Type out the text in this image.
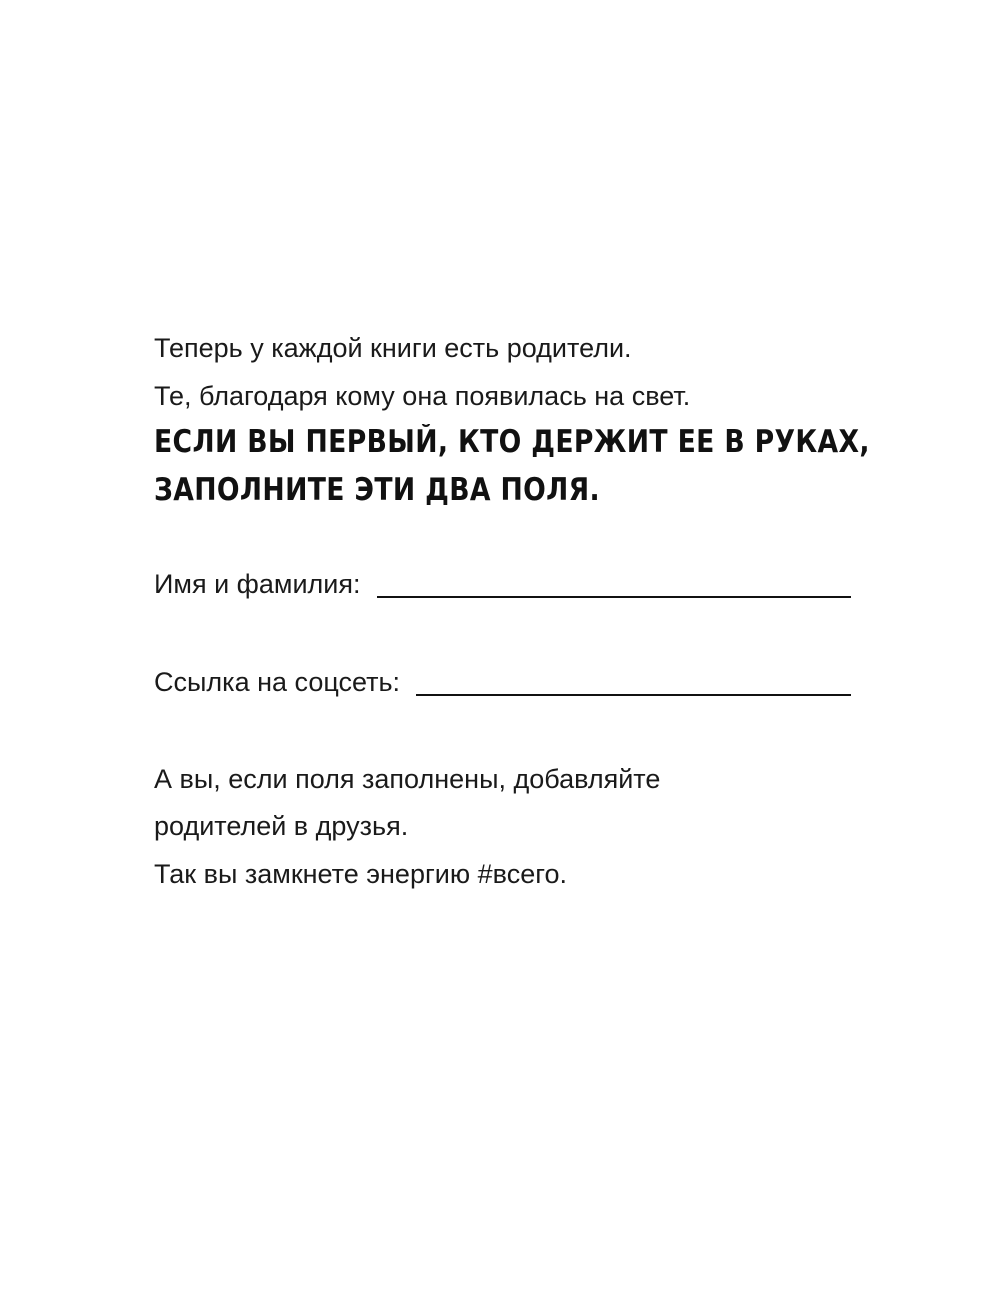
Теперь у каждой книги есть родители.
Те, благодаря кому она появилась на свет.
ЕСЛИ ВЫ ПЕРВЫЙ, КТО ДЕРЖИТ ЕЕ В РУКАХ,
ЗАПОЛНИТЕ ЭТИ ДВА ПОЛЯ.
Имя и фамилия:
Ссылка на соцсеть:
А вы, если поля заполнены, добавляйте
родителей в друзья.
Так вы замкнете энергию #всего.
